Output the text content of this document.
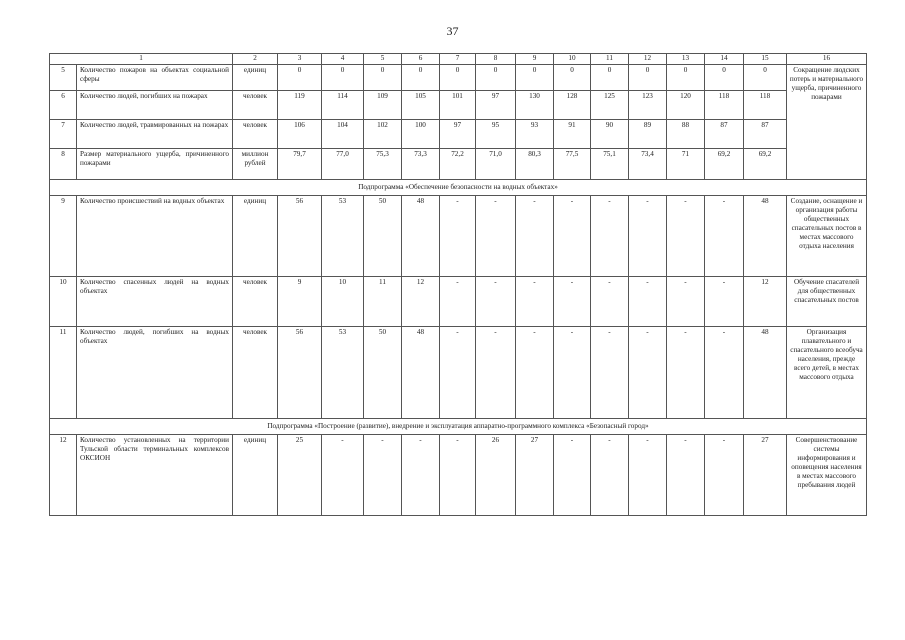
37
1		2	3	4	5	6	7	8	9	10	11	12	13	14	15	16
5	Количество пожаров на объектах социальной сферы	единиц	0	0	0	0	0	0	0	0	0	0	0	0	0	Сокращение людских потерь и материального ущерба, причиненного пожарами
6	Количество людей, погибших на пожарах	человек	119	114	109	105	101	97	130	128	125	123	120	118	118	
7	Количество людей, травмированных на пожарах	человек	106	104	102	100	97	95	93	91	90	89	88	87	87	
8	Размер материального ущерба, причиненного пожарами	миллион рублей	79,7	77,0	75,3	73,3	72,2	71,0	80,3	77,5	75,1	73,4	71	69,2	69,2	
Подпрограмма «Обеспечение безопасности на водных объектах»																
9	Количество происшествий на водных объектах	единиц	56	53	50	48	-	-	-	-	-	-	-	-	48	Создание, оснащение и организация работы общественных спасательных постов в местах массового отдыха населения
10	Количество спасенных людей на водных объектах	человек	9	10	11	12	-	-	-	-	-	-	-	-	12	Обучение спасателей для общественных спасательных постов
11	Количество людей, погибших на водных объектах	человек	56	53	50	48	-	-	-	-	-	-	-	-	48	Организация плавательного и спасательного всеобуча населения, прежде всего детей, в местах массового отдыха
Подпрограмма «Построение (развитие), внедрение и эксплуатация аппаратно-программного комплекса «Безопасный город»																
12	Количество установленных на территории Тульской области терминальных комплексов ОКСИОН	единиц	25	-	-	-	-	26	27	-	-	-	-	-	27	Совершенствование системы информирования и оповещения населения в местах массового пребывания людей
